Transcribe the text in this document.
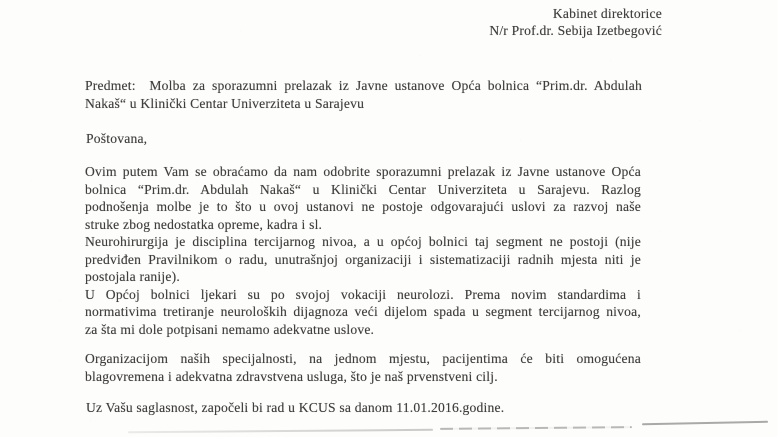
Kabinet direktorice
N/r Prof.dr. Sebija Izetbegović
Predmet:  Molba za sporazumni prelazak iz Javne ustanove Opća bolnica “Prim.dr. Abdulah
Nakaš“ u Klinički Centar Univerziteta u Sarajevu
Poštovana,
Ovim putem Vam se obraćamo da nam odobrite sporazumni prelazak iz Javne ustanove Opća
bolnica “Prim.dr. Abdulah Nakaš“ u Klinički Centar Univerziteta u Sarajevu. Razlog
podnošenja molbe je to što u ovoj ustanovi ne postoje odgovarajući uslovi za razvoj naše
struke zbog nedostatka opreme, kadra i sl.
Neurohirurgija je disciplina tercijarnog nivoa, a u općoj bolnici taj segment ne postoji (nije
predviđen Pravilnikom o radu, unutrašnjoj organizaciji i sistematizaciji radnih mjesta niti je
postojala ranije).
U Općoj bolnici ljekari su po svojoj vokaciji neurolozi. Prema novim standardima i
normativima tretiranje neuroloških dijagnoza veći dijelom spada u segment tercijarnog nivoa,
za šta mi dole potpisani nemamo adekvatne uslove.
Organizacijom naših specijalnosti, na jednom mjestu, pacijentima će biti omogućena
blagovremena i adekvatna zdravstvena usluga, što je naš prvenstveni cilj.
Uz Vašu saglasnost, započeli bi rad u KCUS sa danom 11.01.2016.godine.
